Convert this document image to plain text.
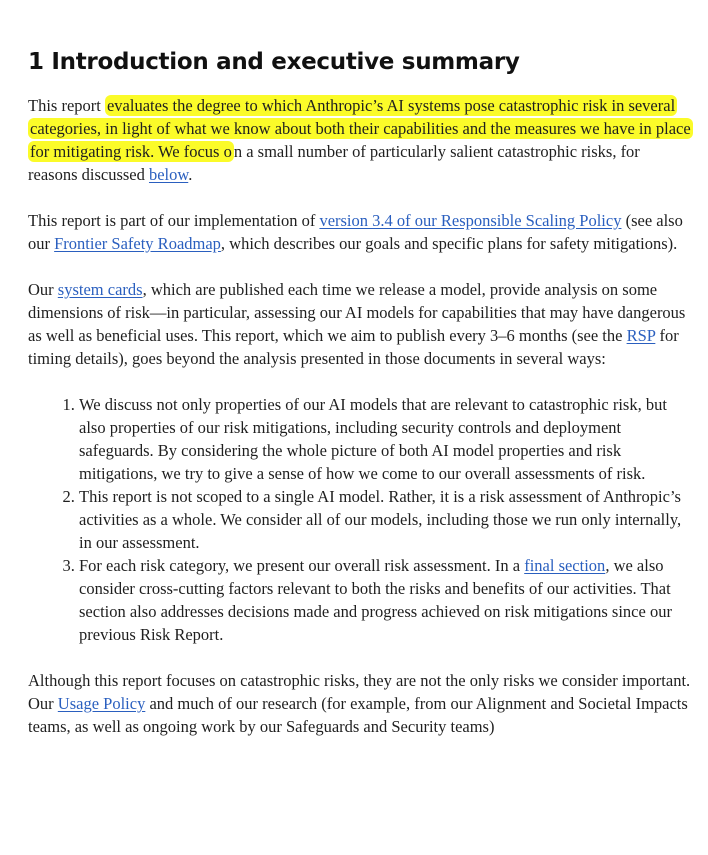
1 Introduction and executive summary

This report evaluates the degree to which Anthropic’s AI systems pose catastrophic risk in several categories, in light of what we know about both their capabilities and the measures we have in place for mitigating risk. We focus o n a small number of particularly salient catastrophic risks, for reasons discussed below.

This report is part of our implementation of version 3.4 of our Responsible Scaling Policy (see also our Frontier Safety Roadmap, which describes our goals and specific plans for safety mitigations).

Our system cards, which are published each time we release a model, provide analysis on some dimensions of risk—in particular, assessing our AI models for capabilities that may have dangerous as well as beneficial uses. This report, which we aim to publish every 3–6 months (see the RSP for timing details), goes beyond the analysis presented in those documents in several ways:

1. We discuss not only properties of our AI models that are relevant to catastrophic risk, but also properties of our risk mitigations, including security controls and deployment safeguards. By considering the whole picture of both AI model properties and risk mitigations, we try to give a sense of how we come to our overall assessments of risk.
2. This report is not scoped to a single AI model. Rather, it is a risk assessment of Anthropic’s activities as a whole. We consider all of our models, including those we run only internally, in our assessment.
3. For each risk category, we present our overall risk assessment. In a final section, we also consider cross-cutting factors relevant to both the risks and benefits of our activities. That section also addresses decisions made and progress achieved on risk mitigations since our previous Risk Report.

Although this report focuses on catastrophic risks, they are not the only risks we consider important. Our Usage Policy and much of our research (for example, from our Alignment and Societal Impacts teams, as well as ongoing work by our Safeguards and Security teams)
